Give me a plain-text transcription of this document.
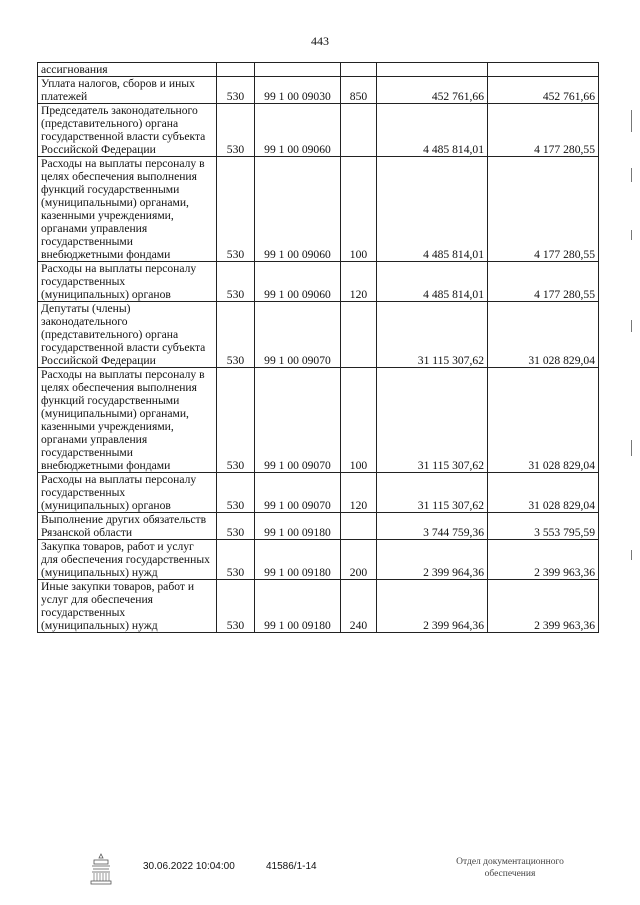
443
ассигнования					
Уплата налогов, сборов и иных платежей	530	99 1 00 09030	850	452 761,66	452 761,66
Председатель законодательного (представительного) органа государственной власти субъекта Российской Федерации	530	99 1 00 09060		4 485 814,01	4 177 280,55
Расходы на выплаты персоналу в целях обеспечения выполнения функций государственными (муниципальными) органами, казенными учреждениями, органами управления государственными внебюджетными фондами	530	99 1 00 09060	100	4 485 814,01	4 177 280,55
Расходы на выплаты персоналу государственных (муниципальных) органов	530	99 1 00 09060	120	4 485 814,01	4 177 280,55
Депутаты (члены) законодательного (представительного) органа государственной власти субъекта Российской Федерации	530	99 1 00 09070		31 115 307,62	31 028 829,04
Расходы на выплаты персоналу в целях обеспечения выполнения функций государственными (муниципальными) органами, казенными учреждениями, органами управления государственными внебюджетными фондами	530	99 1 00 09070	100	31 115 307,62	31 028 829,04
Расходы на выплаты персоналу государственных (муниципальных) органов	530	99 1 00 09070	120	31 115 307,62	31 028 829,04
Выполнение других обязательств Рязанской области	530	99 1 00 09180		3 744 759,36	3 553 795,59
Закупка товаров, работ и услуг для обеспечения государственных (муниципальных) нужд	530	99 1 00 09180	200	2 399 964,36	2 399 963,36
Иные закупки товаров, работ и услуг для обеспечения государственных (муниципальных) нужд	530	99 1 00 09180	240	2 399 964,36	2 399 963,36
30.06.2022 10:04:00	41586/1-14	Отдел документационного
обеспечения
